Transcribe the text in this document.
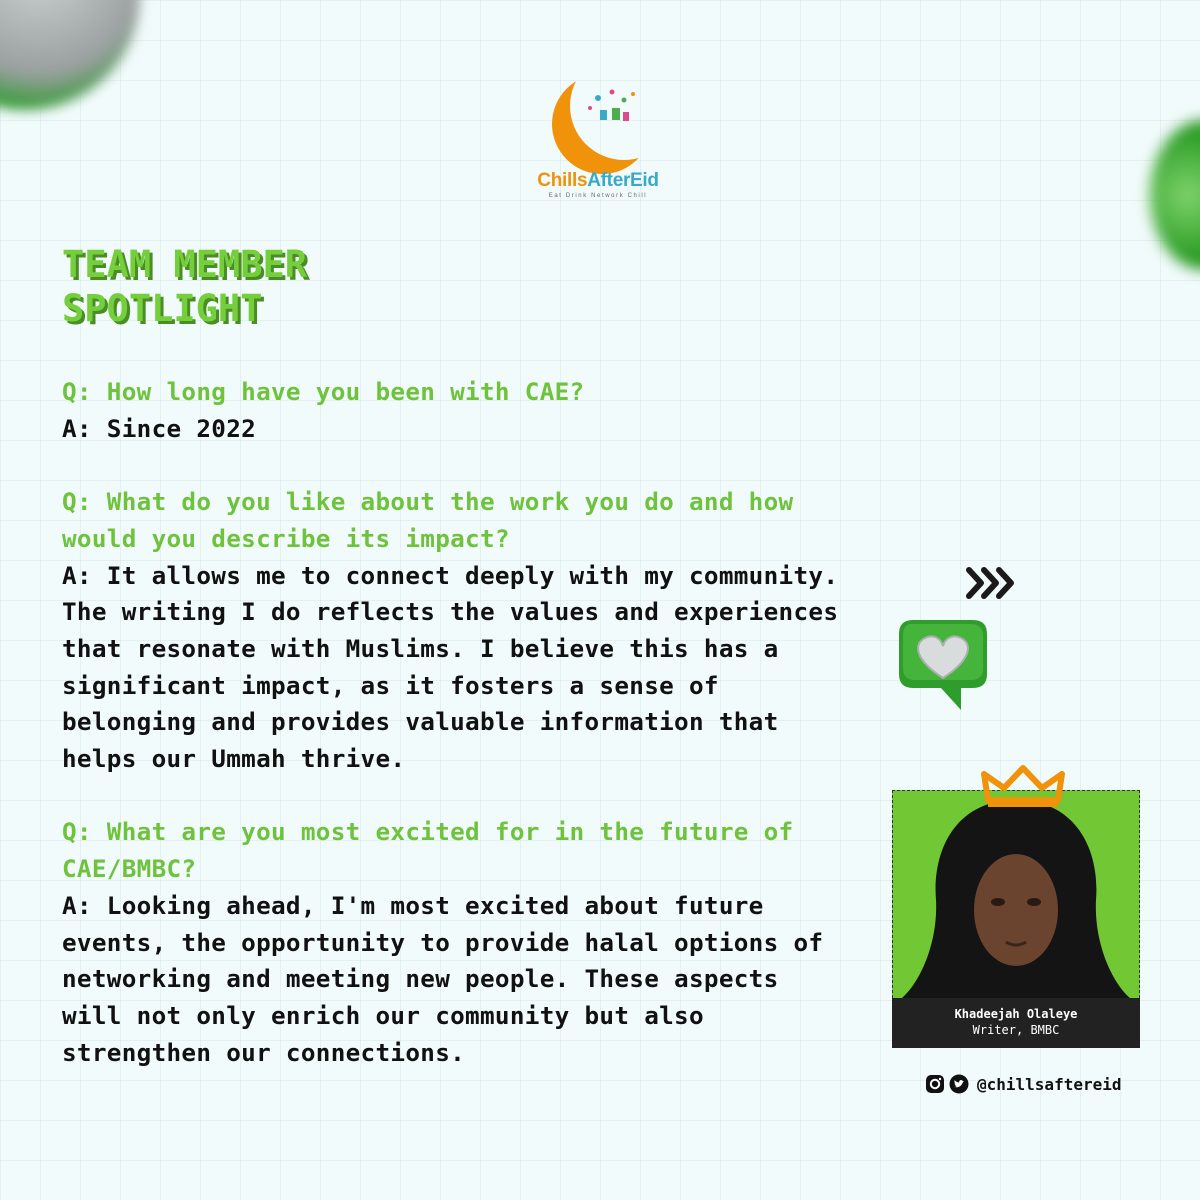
ChillsAfterEid
Eat Drink Network Chill
TEAM MEMBER
SPOTLIGHT

Q: How long have you been with CAE?

A: Since 2022

Q: What do you like about the work you do and how would you describe its impact?

A: It allows me to connect deeply with my community. The writing I do reflects the values and experiences that resonate with Muslims. I believe this has a significant impact, as it fosters a sense of belonging and provides valuable information that helps our Ummah thrive.

Q: What are you most excited for in the future of CAE/BMBC?

A: Looking ahead, I'm most excited about future events, the opportunity to provide halal options of networking and meeting new people. These aspects will not only enrich our community but also strengthen our connections.

Khadeejah Olaleye
Writer, BMBC
@chillsaftereid
